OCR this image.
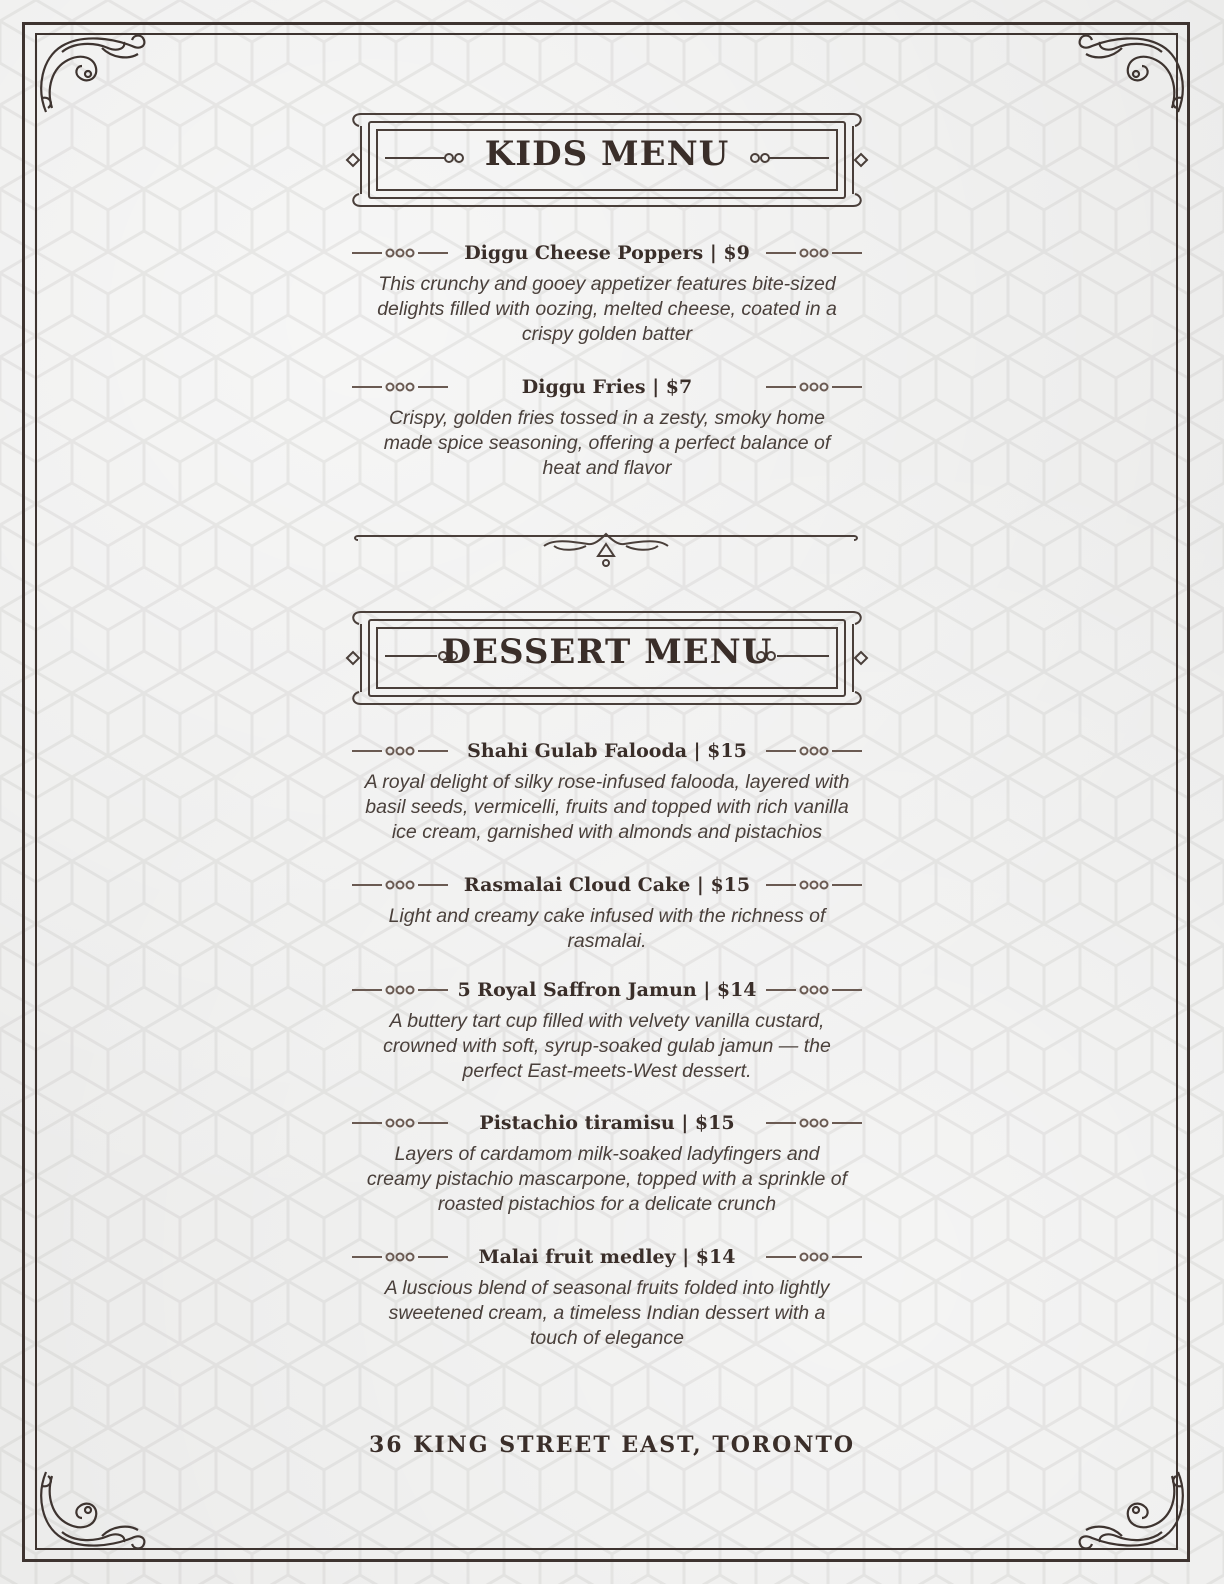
KIDS MENU
Diggu Cheese Poppers | $9
This crunchy and gooey appetizer features bite-sized delights filled with oozing, melted cheese, coated in a crispy golden batter
Diggu Fries | $7
Crispy, golden fries tossed in a zesty, smoky home made spice seasoning, offering a perfect balance of heat and flavor
DESSERT MENU
Shahi Gulab Falooda | $15
A royal delight of silky rose-infused falooda, layered with basil seeds, vermicelli, fruits and topped with rich vanilla ice cream, garnished with almonds and pistachios
Rasmalai Cloud Cake | $15
Light and creamy cake infused with the richness of rasmalai.
5 Royal Saffron Jamun | $14
A buttery tart cup filled with velvety vanilla custard, crowned with soft, syrup-soaked gulab jamun — the perfect East-meets-West dessert.
Pistachio tiramisu | $15
Layers of cardamom milk-soaked ladyfingers and creamy pistachio mascarpone, topped with a sprinkle of roasted pistachios for a delicate crunch
Malai fruit medley | $14
A luscious blend of seasonal fruits folded into lightly sweetened cream, a timeless Indian dessert with a touch of elegance
36 KING STREET EAST, TORONTO
